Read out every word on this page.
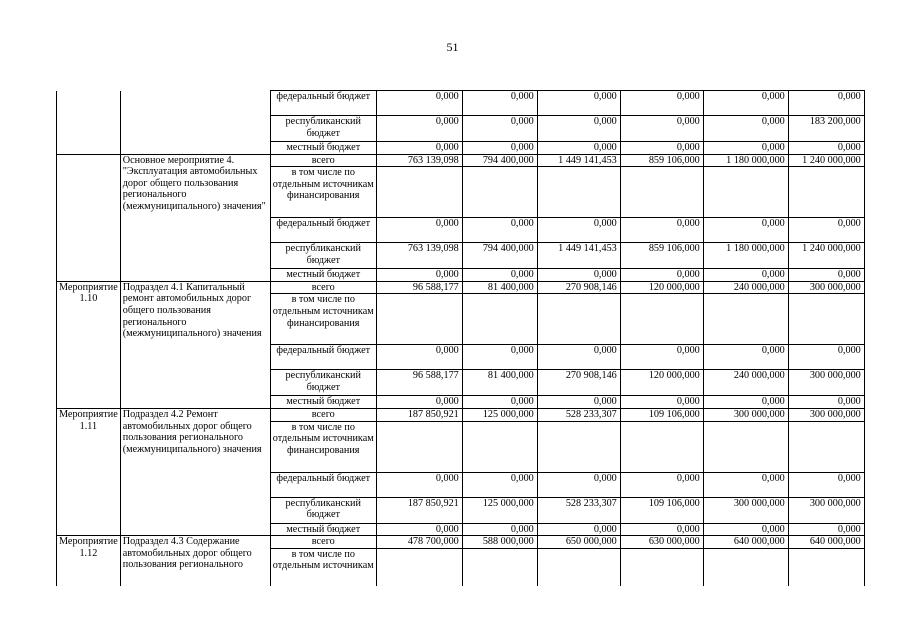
51
		федеральный бюджет	0,000	0,000	0,000	0,000	0,000	0,000
		республиканский бюджет	0,000	0,000	0,000	0,000	0,000	183 200,000
		местный бюджет	0,000	0,000	0,000	0,000	0,000	0,000
	Основное мероприятие 4. "Эксплуатация автомобильных дорог общего пользования регионального (межмуниципального) значения"	всего	763 139,098	794 400,000	1 449 141,453	859 106,000	1 180 000,000	1 240 000,000
		в том числе по отдельным источникам финансирования						
		федеральный бюджет	0,000	0,000	0,000	0,000	0,000	0,000
		республиканский бюджет	763 139,098	794 400,000	1 449 141,453	859 106,000	1 180 000,000	1 240 000,000
		местный бюджет	0,000	0,000	0,000	0,000	0,000	0,000
Мероприятие 1.10	Подраздел 4.1 Капитальный ремонт автомобильных дорог общего пользования регионального (межмуниципального) значения	всего	96 588,177	81 400,000	270 908,146	120 000,000	240 000,000	300 000,000
		в том числе по отдельным источникам финансирования						
		федеральный бюджет	0,000	0,000	0,000	0,000	0,000	0,000
		республиканский бюджет	96 588,177	81 400,000	270 908,146	120 000,000	240 000,000	300 000,000
		местный бюджет	0,000	0,000	0,000	0,000	0,000	0,000
Мероприятие 1.11	Подраздел 4.2 Ремонт автомобильных дорог общего пользования регионального (межмуниципального) значения	всего	187 850,921	125 000,000	528 233,307	109 106,000	300 000,000	300 000,000
		в том числе по отдельным источникам финансирования						
		федеральный бюджет	0,000	0,000	0,000	0,000	0,000	0,000
		республиканский бюджет	187 850,921	125 000,000	528 233,307	109 106,000	300 000,000	300 000,000
		местный бюджет	0,000	0,000	0,000	0,000	0,000	0,000
Мероприятие 1.12	Подраздел 4.3 Содержание автомобильных дорог общего пользования регионального	всего	478 700,000	588 000,000	650 000,000	630 000,000	640 000,000	640 000,000
		в том числе по отдельным источникам						
